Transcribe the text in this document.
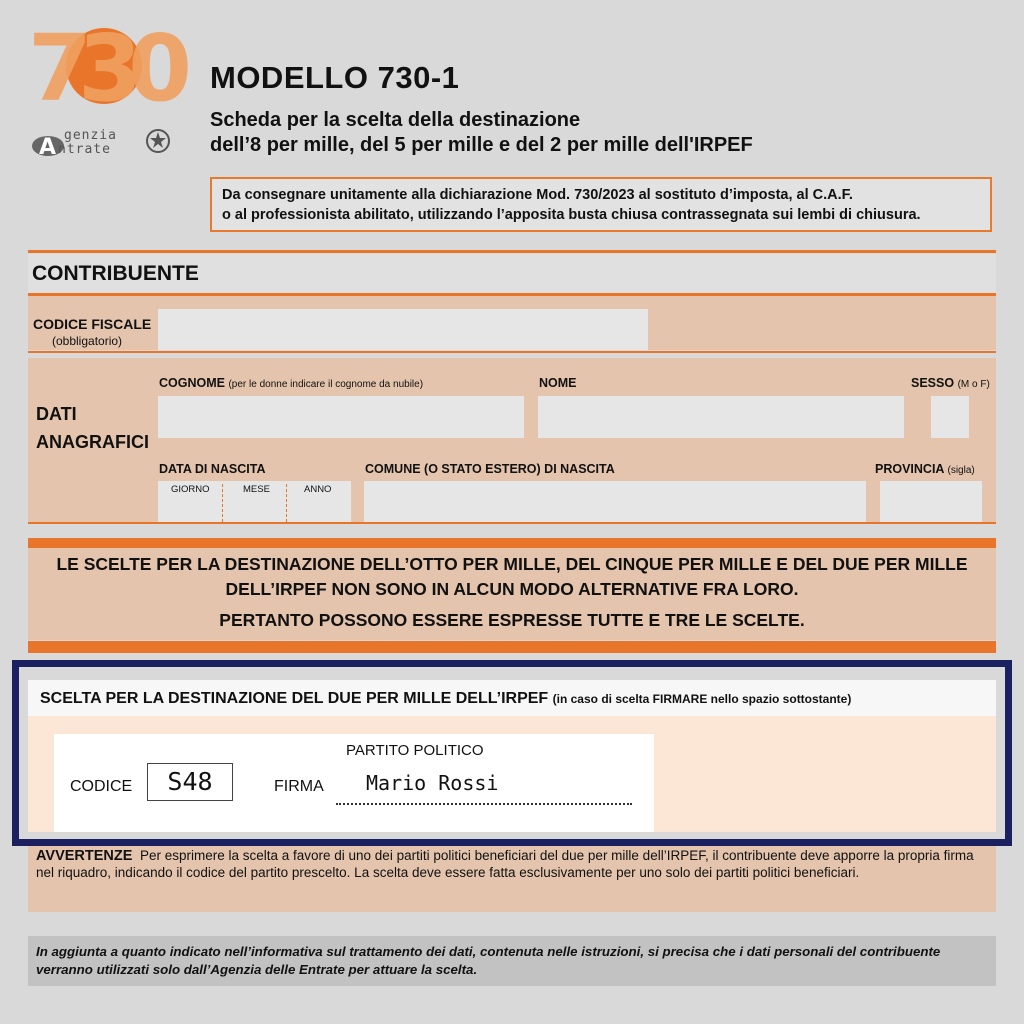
730
A genzia
ntrate
MODELLO 730-1
Scheda per la scelta della destinazione
dell’8 per mille, del 5 per mille e del 2 per mille dell'IRPEF
Da consegnare unitamente alla dichiarazione Mod. 730/2023 al sostituto d’imposta, al C.A.F.
o al professionista abilitato, utilizzando l’apposita busta chiusa contrassegnata sui lembi di chiusura.
CONTRIBUENTE
CODICE FISCALE
(obbligatorio)
DATI
ANAGRAFICI
COGNOME (per le donne indicare il cognome da nubile)	NOME	SESSO (M o F)
DATA DI NASCITA
GIORNO	MESE	ANNO
COMUNE (O STATO ESTERO) DI NASCITA	PROVINCIA (sigla)
LE SCELTE PER LA DESTINAZIONE DELL’OTTO PER MILLE, DEL CINQUE PER MILLE E DEL DUE PER MILLE
DELL’IRPEF NON SONO IN ALCUN MODO ALTERNATIVE FRA LORO.
PERTANTO POSSONO ESSERE ESPRESSE TUTTE E TRE LE SCELTE.
SCELTA PER LA DESTINAZIONE DEL DUE PER MILLE DELL’IRPEF (in caso di scelta FIRMARE nello spazio sottostante)
PARTITO POLITICO
CODICE	S48	FIRMA Mario Rossi
AVVERTENZE Per esprimere la scelta a favore di uno dei partiti politici beneficiari del due per mille dell’IRPEF, il contribuente deve apporre la propria firma nel riquadro, indicando il codice del partito prescelto. La scelta deve essere fatta esclusivamente per uno solo dei partiti politici beneficiari.
In aggiunta a quanto indicato nell’informativa sul trattamento dei dati, contenuta nelle istruzioni, si precisa che i dati personali del contribuente verranno utilizzati solo dall’Agenzia delle Entrate per attuare la scelta.
